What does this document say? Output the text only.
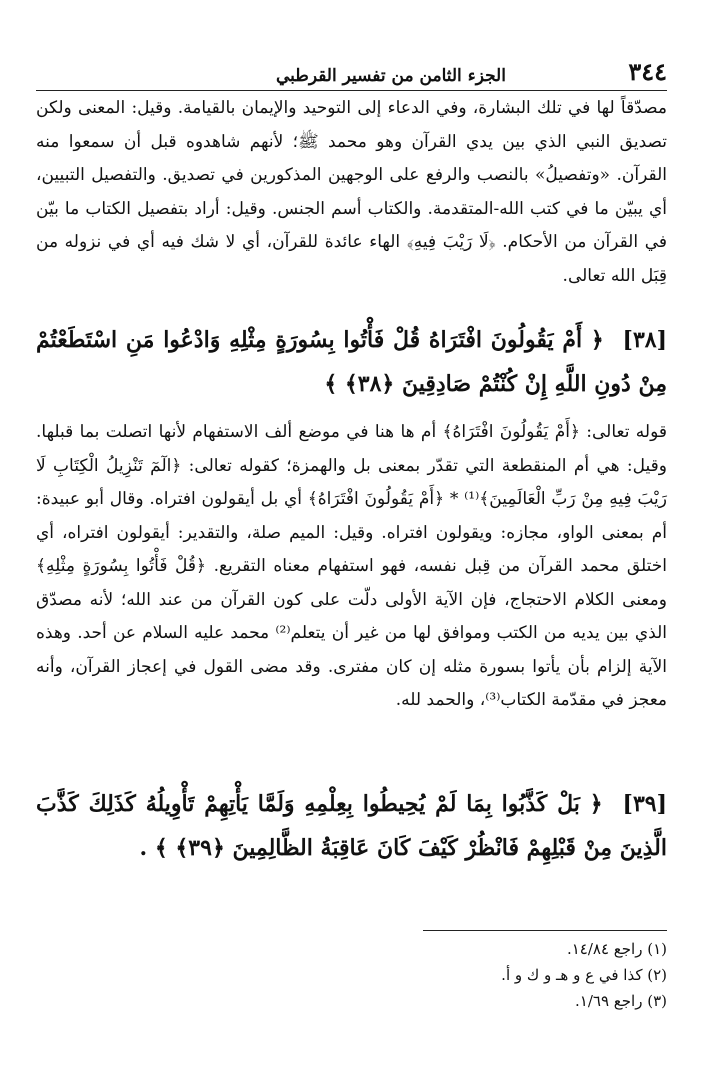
٣٤٤
الجزء الثامن من تفسير القرطبي

مصدّقاً لها في تلك البشارة، وفي الدعاء إلى التوحيد والإيمان بالقيامة. وقيل: المعنى ولكن تصديق النبي الذي بين يدي القرآن وهو محمد ﷺ؛ لأنهم شاهدوه قبل أن سمعوا منه القرآن. «وتفصيلُ» بالنصب والرفع على الوجهين المذكورين في تصديق. والتفصيل التبيين، أي يبيّن ما في كتب الله-المتقدمة. والكتاب أسم الجنس. وقيل: أراد بتفصيل الكتاب ما بيّن في القرآن من الأحكام. ﴿لَا رَيْبَ فِيهِ﴾ الهاء عائدة للقرآن، أي لا شك فيه أي في نزوله من قِبَل الله تعالى.

[٣٨] ﴿ أَمْ يَقُولُونَ افْتَرَاهُ قُلْ فَأْتُوا بِسُورَةٍ مِثْلِهِ وَادْعُوا مَنِ اسْتَطَعْتُمْ مِنْ دُونِ اللَّهِ إِنْ كُنْتُمْ صَادِقِينَ ﴿٣٨﴾ ﴾

قوله تعالى: ﴿أَمْ يَقُولُونَ افْتَرَاهُ﴾ أم ها هنا في موضع ألف الاستفهام لأنها اتصلت بما قبلها. وقيل: هي أم المنقطعة التي تقدّر بمعنى بل والهمزة؛ كقوله تعالى: ﴿الٓمٓ تَنْزِيلُ الْكِتَابِ لَا رَيْبَ فِيهِ مِنْ رَبِّ الْعَالَمِينَ﴾⁽¹⁾ * ﴿أَمْ يَقُولُونَ افْتَرَاهُ﴾ أي بل أيقولون افتراه. وقال أبو عبيدة: أم بمعنى الواو، مجازه: ويقولون افتراه. وقيل: الميم صلة، والتقدير: أيقولون افتراه، أي اختلق محمد القرآن من قِبل نفسه، فهو استفهام معناه التقريع. ﴿قُلْ فَأْتُوا بِسُورَةٍ مِثْلِهِ﴾ ومعنى الكلام الاحتجاج، فإن الآية الأولى دلّت على كون القرآن من عند الله؛ لأنه مصدّق الذي بين يديه من الكتب وموافق لها من غير أن يتعلم⁽²⁾ محمد عليه السلام عن أحد. وهذه الآية إلزام بأن يأتوا بسورة مثله إن كان مفترى. وقد مضى القول في إعجاز القرآن، وأنه معجز في مقدّمة الكتاب⁽³⁾، والحمد لله.

[٣٩] ﴿ بَلْ كَذَّبُوا بِمَا لَمْ يُحِيطُوا بِعِلْمِهِ وَلَمَّا يَأْتِهِمْ تَأْوِيلُهُ كَذَلِكَ كَذَّبَ الَّذِينَ مِنْ قَبْلِهِمْ فَانْظُرْ كَيْفَ كَانَ عَاقِبَةُ الظَّالِمِينَ ﴿٣٩﴾ ﴾ .
(١) راجع ١٤/٨٤.
(٢) كذا في ع و هـ و ك و أ.
(٣) راجع ١/٦٩.
